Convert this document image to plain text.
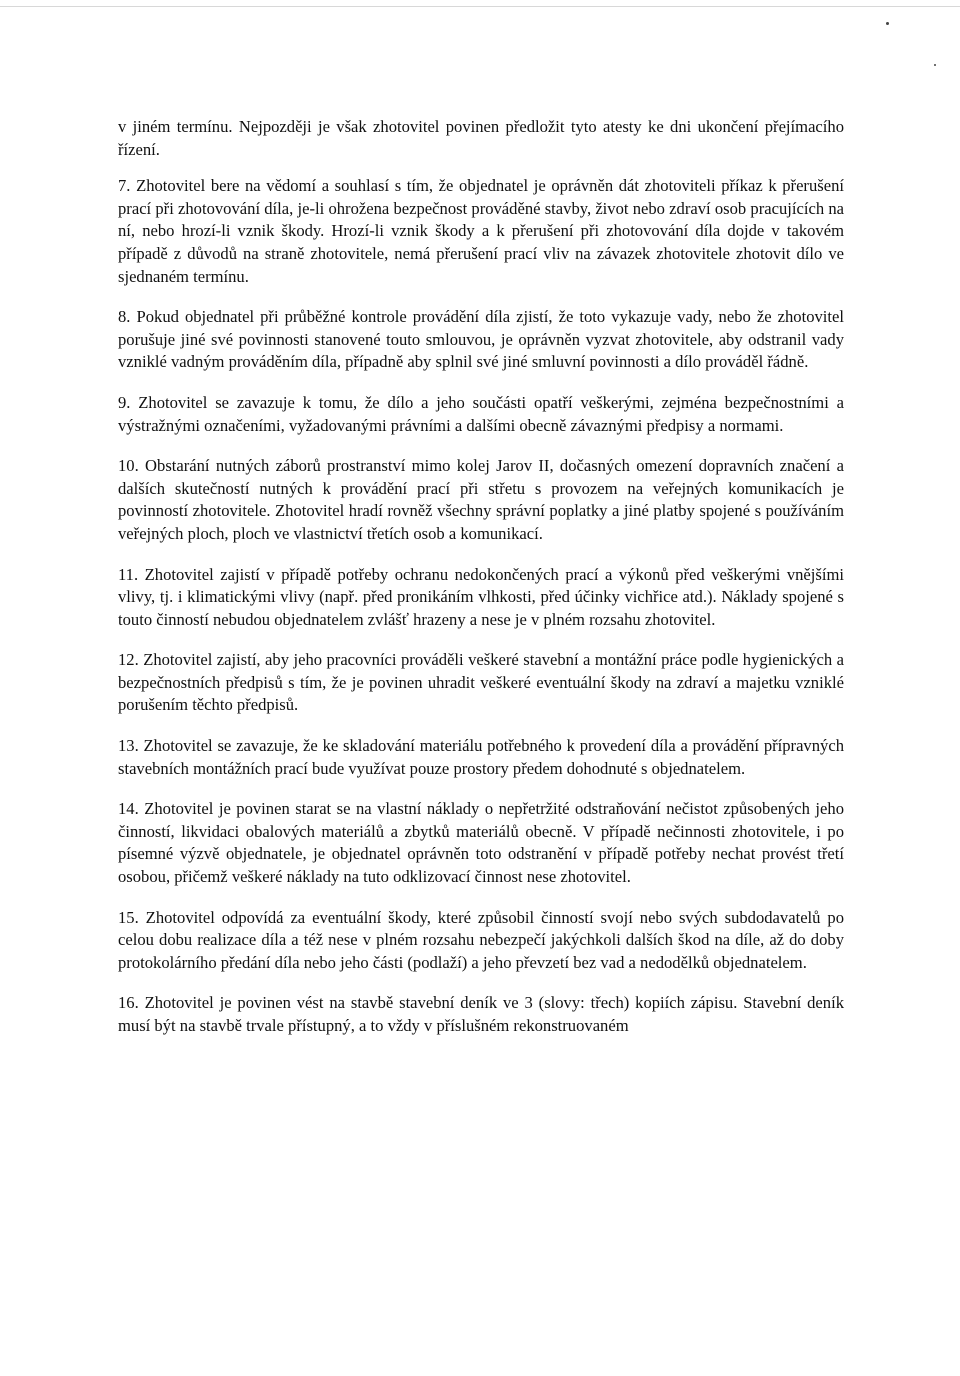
v jiném termínu. Nejpozději je však zhotovitel povinen předložit tyto atesty ke dni ukončení přejímacího řízení.

7. Zhotovitel bere na vědomí a souhlasí s tím, že objednatel je oprávněn dát zhotoviteli příkaz k přerušení prací při zhotovování díla, je-li ohrožena bezpečnost prováděné stavby, život nebo zdraví osob pracujících na ní, nebo hrozí-li vznik škody. Hrozí-li vznik škody a k přerušení při zhotovování díla dojde v takovém případě z důvodů na straně zhotovitele, nemá přerušení prací vliv na závazek zhotovitele zhotovit dílo ve sjednaném termínu.

8. Pokud objednatel při průběžné kontrole provádění díla zjistí, že toto vykazuje vady, nebo že zhotovitel porušuje jiné své povinnosti stanovené touto smlouvou, je oprávněn vyzvat zhotovitele, aby odstranil vady vzniklé vadným prováděním díla, případně aby splnil své jiné smluvní povinnosti a dílo prováděl řádně.

9. Zhotovitel se zavazuje k tomu, že dílo a jeho součásti opatří veškerými, zejména bezpečnostními a výstražnými označeními, vyžadovanými právními a dalšími obecně závaznými předpisy a normami.

10. Obstarání nutných záborů prostranství mimo kolej Jarov II, dočasných omezení dopravních značení a dalších skutečností nutných k provádění prací při střetu s provozem na veřejných komunikacích je povinností zhotovitele. Zhotovitel hradí rovněž všechny správní poplatky a jiné platby spojené s používáním veřejných ploch, ploch ve vlastnictví třetích osob a komunikací.

11. Zhotovitel zajistí v případě potřeby ochranu nedokončených prací a výkonů před veškerými vnějšími vlivy, tj. i klimatickými vlivy (např. před pronikáním vlhkosti, před účinky vichřice atd.). Náklady spojené s touto činností nebudou objednatelem zvlášť hrazeny a nese je v plném rozsahu zhotovitel.

12. Zhotovitel zajistí, aby jeho pracovníci prováděli veškeré stavební a montážní práce podle hygienických a bezpečnostních předpisů s tím, že je povinen uhradit veškeré eventuální škody na zdraví a majetku vzniklé porušením těchto předpisů.

13. Zhotovitel se zavazuje, že ke skladování materiálu potřebného k provedení díla a provádění přípravných stavebních montážních prací bude využívat pouze prostory předem dohodnuté s objednatelem.

14. Zhotovitel je povinen starat se na vlastní náklady o nepřetržité odstraňování nečistot způsobených jeho činností, likvidaci obalových materiálů a zbytků materiálů obecně. V případě nečinnosti zhotovitele, i po písemné výzvě objednatele, je objednatel oprávněn toto odstranění v případě potřeby nechat provést třetí osobou, přičemž veškeré náklady na tuto odklizovací činnost nese zhotovitel.

15. Zhotovitel odpovídá za eventuální škody, které způsobil činností svojí nebo svých subdodavatelů po celou dobu realizace díla a též nese v plném rozsahu nebezpečí jakýchkoli dalších škod na díle, až do doby protokolárního předání díla nebo jeho části (podlaží) a jeho převzetí bez vad a nedodělků objednatelem.

16. Zhotovitel je povinen vést na stavbě stavební deník ve 3 (slovy: třech) kopiích zápisu. Stavební deník musí být na stavbě trvale přístupný, a to vždy v příslušném rekonstruovaném
